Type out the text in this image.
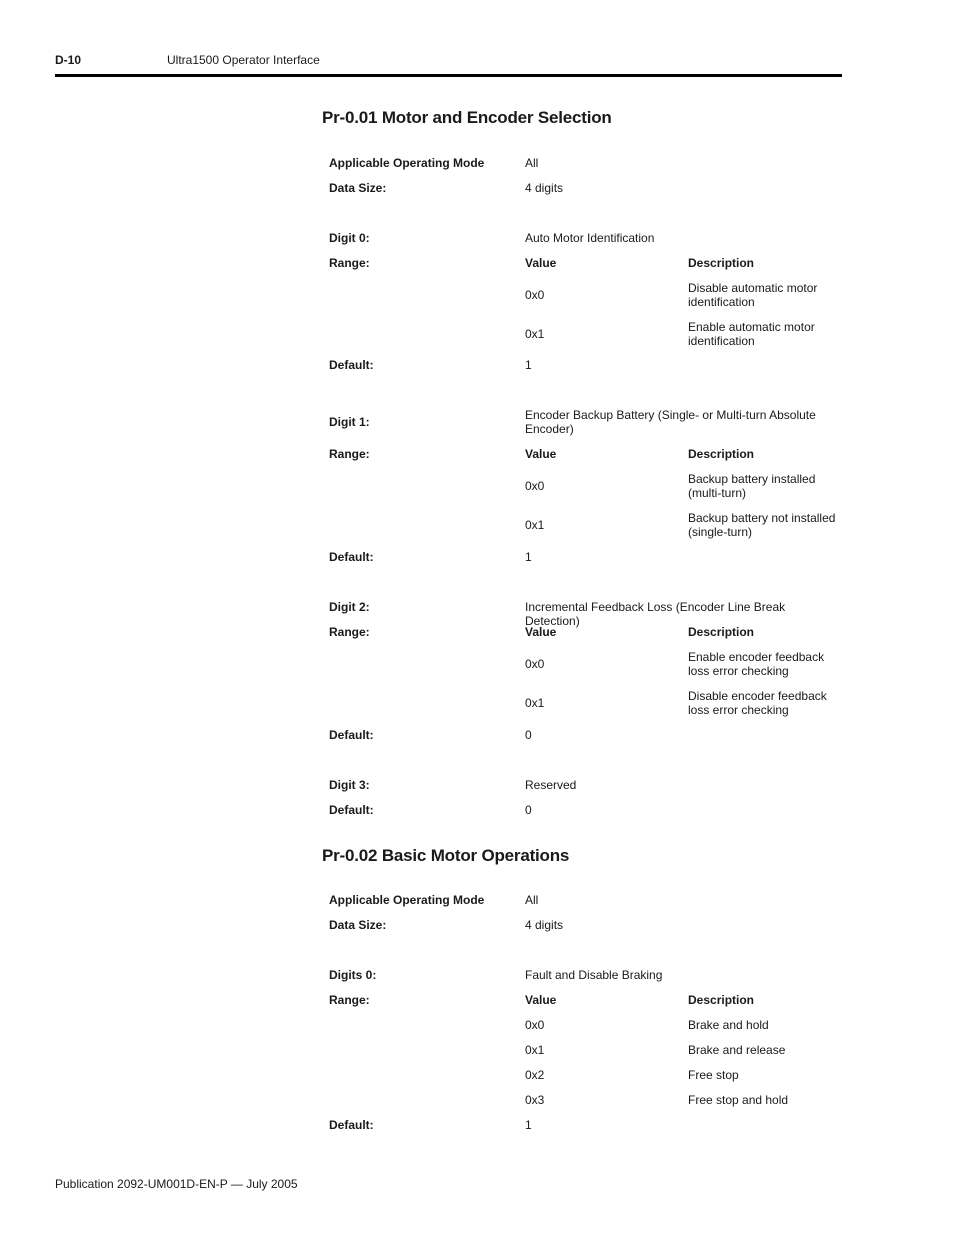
D-10	Ultra1500 Operator Interface
Pr-0.01 Motor and Encoder Selection
Applicable Operating Mode	All
Data Size:	4 digits
Digit 0:	Auto Motor Identification
Range:	Value	Description
0x0	Disable automatic motor identification
0x1	Enable automatic motor identification
Default:	1
Digit 1:	Encoder Backup Battery (Single- or Multi-turn Absolute Encoder)
Range:	Value	Description
0x0	Backup battery installed (multi-turn)
0x1	Backup battery not installed (single-turn)
Default:	1
Digit 2:	Incremental Feedback Loss (Encoder Line Break Detection)
Range:	Value	Description
0x0	Enable encoder feedback loss error checking
0x1	Disable encoder feedback loss error checking
Default:	0
Digit 3:	Reserved
Default:	0
Pr-0.02 Basic Motor Operations
Applicable Operating Mode	All
Data Size:	4 digits
Digits 0:	Fault and Disable Braking
Range:	Value	Description
0x0	Brake and hold
0x1	Brake and release
0x2	Free stop
0x3	Free stop and hold
Default:	1
Publication 2092-UM001D-EN-P — July 2005
